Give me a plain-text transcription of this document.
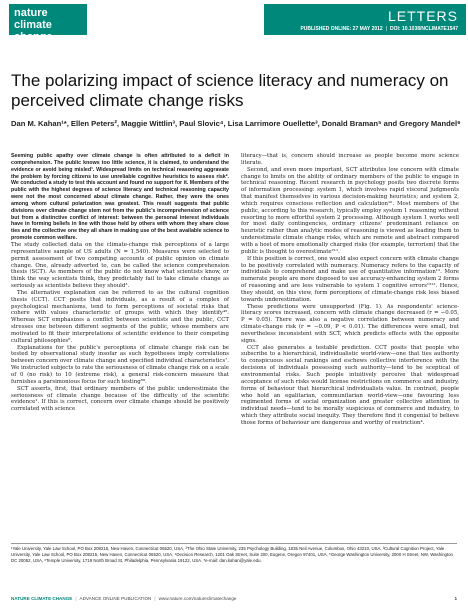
nature
climate change
LETTERS
PUBLISHED ONLINE: 27 MAY 2012 | DOI: 10.1038/NCLIMATE1547
The polarizing impact of science literacy and numeracy on perceived climate change risks

Dan M. Kahan¹*, Ellen Peters², Maggie Wittlin³, Paul Slovic⁴, Lisa Larrimore Ouellette³, Donald Braman⁵ and Gregory Mandel⁶

Seeming public apathy over climate change is often attributed to a deficit in comprehension. The public knows too little science, it is claimed, to understand the evidence or avoid being misled¹. Widespread limits on technical reasoning aggravate the problem by forcing citizens to use unreliable cognitive heuristics to assess risk². We conducted a study to test this account and found no support for it. Members of the public with the highest degrees of science literacy and technical reasoning capacity were not the most concerned about climate change. Rather, they were the ones among whom cultural polarization was greatest. This result suggests that public divisions over climate change stem not from the public's incomprehension of science but from a distinctive conflict of interest: between the personal interest individuals have in forming beliefs in line with those held by others with whom they share close ties and the collective one they all share in making use of the best available science to promote common welfare.

The study collected data on the climate-change risk perceptions of a large representative sample of US adults (N = 1,540). Measures were selected to permit assessment of two competing accounts of public opinion on climate change. One, already adverted to, can be called the science comprehension thesis (SCT). As members of the public do not know what scientists know, or think the way scientists think, they predictably fail to take climate change as seriously as scientists believe they should³.

The alternative explanation can be referred to as the cultural cognition thesis (CCT). CCT posits that individuals, as a result of a complex of psychological mechanisms, tend to form perceptions of societal risks that cohere with values characteristic of groups with which they identify⁴⁵. Whereas SCT emphasizes a conflict between scientists and the public, CCT stresses one between different segments of the public, whose members are motivated to fit their interpretations of scientific evidence to their competing cultural philosophies⁶.

Explanations for the public's perceptions of climate change risk can be tested by observational study insofar as such hypotheses imply correlations between concern over climate change and specified individual characteristics⁷. We instructed subjects to rate the seriousness of climate change risk on a scale of 0 (no risk) to 10 (extreme risk), a general risk-concern measure that furnishes a parsimonious focus for such testing⁸⁹.

SCT asserts, first, that ordinary members of the public underestimate the seriousness of climate change because of the difficulty of the scientific evidence¹. If this is correct, concern over climate change should be positively correlated with science

literacy—that is, concern should increase as people become more science literate.

Second, and even more important, SCT attributes low concern with climate change to limits on the ability of ordinary members of the public to engage in technical reasoning. Recent research in psychology posits two discrete forms of information processing: system 1, which involves rapid visceral judgments that manifest themselves in various decision-making heuristics; and system 2, which requires conscious reflection and calculation¹⁰. Most members of the public, according to this research, typically employ system 1 reasoning without resorting to more effortful system 2 processing. Although system 1 works well for most daily contingencies, ordinary citizens' predominant reliance on heuristic rather than analytic modes of reasoning is viewed as leading them to underestimate climate change risks, which are remote and abstract compared with a host of more emotionally charged risks (for example, terrorism) that the public is thought to overestimate²¹¹.

If this position is correct, one would also expect concern with climate change to be positively correlated with numeracy. Numeracy refers to the capacity of individuals to comprehend and make use of quantitative information¹². More numerate people are more disposed to use accuracy-enhancing system 2 forms of reasoning and are less vulnerable to system 1 cognitive errors¹³¹². Hence, they should, on this view, form perceptions of climate-change risk less biased towards underestimation.

These predictions were unsupported (Fig. 1). As respondents' science-literacy scores increased, concern with climate change decreased (r = −0.05, P = 0.05). There was also a negative correlation between numeracy and climate-change risk (r = −0.09, P < 0.01). The differences were small, but nevertheless inconsistent with SCT, which predicts effects with the opposite signs.

CCT also generates a testable prediction. CCT posits that people who subscribe to a hierarchical, individualistic world-view—one that ties authority to conspicuous social rankings and eschews collective interference with the decisions of individuals possessing such authority—tend to be sceptical of environmental risks. Such people intuitively perceive that widespread acceptance of such risks would license restrictions on commerce and industry, forms of behaviour that hierarchical individualists value. In contrast, people who hold an egalitarian, communitarian world-view—one favouring less regimented forms of social organization and greater collective attention to individual needs—tend to be morally suspicious of commerce and industry, to which they attribute social inequity. They therefore find it congenial to believe those forms of behaviour are dangerous and worthy of restriction⁴.

¹Yale University, Yale Law School, PO Box 208215, New Haven, Connecticut 06520, USA, ²The Ohio State University, 235 Psychology Building, 1835 Neil Avenue, Columbus, Ohio 43210, USA, ³Cultural Cognition Project, Yale University, Yale Law School, PO Box 208215, New Haven, Connecticut 06520, USA, ⁴Decision Research, 1201 Oak Street, Suite 200, Eugene, Oregon 97401, USA, ⁵George Washington University, 2000 H Street, NW, Washington DC 20052, USA, ⁶Temple University, 1719 North Broad St, Philadelphia, Pennsylvania 19122, USA. *e-mail: dan.kahan@yale.edu.

NATURE CLIMATE CHANGE | ADVANCE ONLINE PUBLICATION | www.nature.com/natureclimatechange	1
